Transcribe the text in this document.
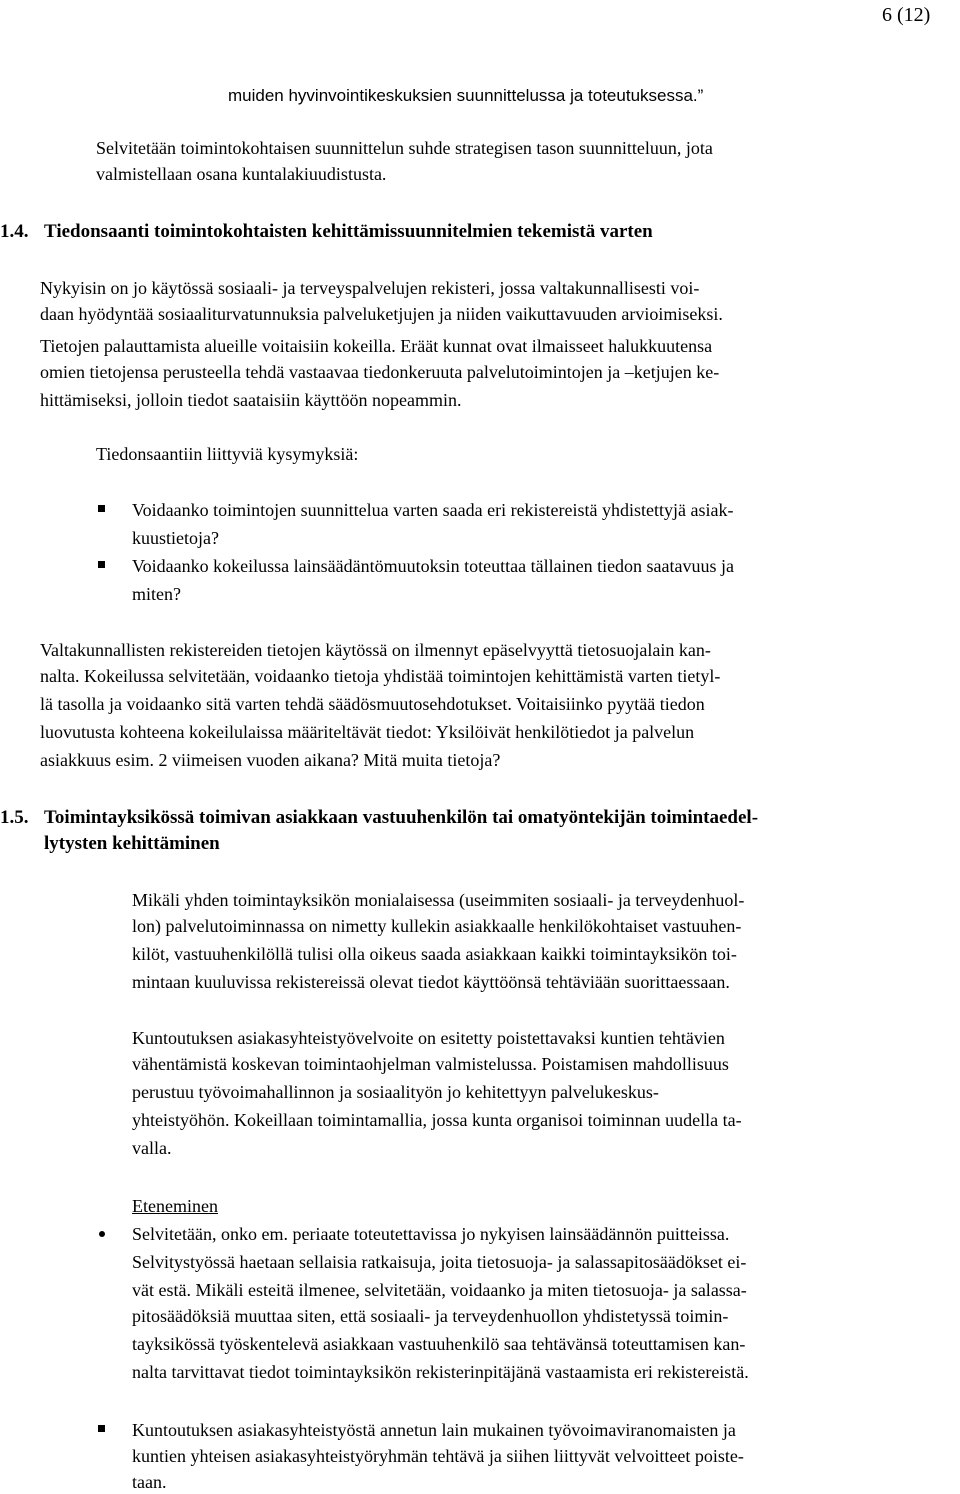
6 (12)
muiden hyvinvointikeskuksien suunnittelussa ja toteutuksessa.”
Selvitetään toimintokohtaisen suunnittelun suhde strategisen tason suunnitteluun, jota
valmistellaan osana kuntalakiuudistusta.
1.4. Tiedonsaanti toimintokohtaisten kehittämissuunnitelmien tekemistä varten
Nykyisin on jo käytössä sosiaali- ja terveyspalvelujen rekisteri, jossa valtakunnallisesti voi-
daan hyödyntää sosiaaliturvatunnuksia palveluketjujen ja niiden vaikuttavuuden arvioimiseksi.
Tietojen palauttamista alueille voitaisiin kokeilla. Eräät kunnat ovat ilmaisseet halukkuutensa
omien tietojensa perusteella tehdä vastaavaa tiedonkeruuta palvelutoimintojen ja –ketjujen ke-
hittämiseksi, jolloin tiedot saataisiin käyttöön nopeammin.
Tiedonsaantiin liittyviä kysymyksiä:
Voidaanko toimintojen suunnittelua varten saada eri rekistereistä yhdistettyjä asiak-
kuustietoja?
Voidaanko kokeilussa lainsäädäntömuutoksin toteuttaa tällainen tiedon saatavuus ja
miten?
Valtakunnallisten rekistereiden tietojen käytössä on ilmennyt epäselvyyttä tietosuojalain kan-
nalta. Kokeilussa selvitetään, voidaanko tietoja yhdistää toimintojen kehittämistä varten tietyl-
lä tasolla ja voidaanko sitä varten tehdä säädösmuutosehdotukset. Voitaisiinko pyytää tiedon
luovutusta kohteena kokeilulaissa määriteltävät tiedot: Yksilöivät henkilötiedot ja palvelun
asiakkuus esim. 2 viimeisen vuoden aikana? Mitä muita tietoja?
1.5. Toimintayksikössä toimivan asiakkaan vastuuhenkilön tai omatyöntekijän toimintaedel-
lytysten kehittäminen
Mikäli yhden toimintayksikön monialaisessa (useimmiten sosiaali- ja terveydenhuol-
lon) palvelutoiminnassa on nimetty kullekin asiakkaalle henkilökohtaiset vastuuhen-
kilöt, vastuuhenkilöllä tulisi olla oikeus saada asiakkaan kaikki toimintayksikön toi-
mintaan kuuluvissa rekistereissä olevat tiedot käyttöönsä tehtäviään suorittaessaan.
Kuntoutuksen asiakasyhteistyövelvoite on esitetty poistettavaksi kuntien tehtävien
vähentämistä koskevan toimintaohjelman valmistelussa. Poistamisen mahdollisuus
perustuu työvoimahallinnon ja sosiaalityön jo kehitettyyn palvelukeskus-
yhteistyöhön. Kokeillaan toimintamallia, jossa kunta organisoi toiminnan uudella ta-
valla.
Eteneminen
Selvitetään, onko em. periaate toteutettavissa jo nykyisen lainsäädännön puitteissa.
Selvitystyössä haetaan sellaisia ratkaisuja, joita tietosuoja- ja salassapitosäädökset ei-
vät estä. Mikäli esteitä ilmenee, selvitetään, voidaanko ja miten tietosuoja- ja salassa-
pitosäädöksiä muuttaa siten, että sosiaali- ja terveydenhuollon yhdistetyssä toimin-
tayksikössä työskentelevä asiakkaan vastuuhenkilö saa tehtävänsä toteuttamisen kan-
nalta tarvittavat tiedot toimintayksikön rekisterinpitäjänä vastaamista eri rekistereistä.
Kuntoutuksen asiakasyhteistyöstä annetun lain mukainen työvoimaviranomaisten ja
kuntien yhteisen asiakasyhteistyöryhmän tehtävä ja siihen liittyvät velvoitteet poiste-
taan.
